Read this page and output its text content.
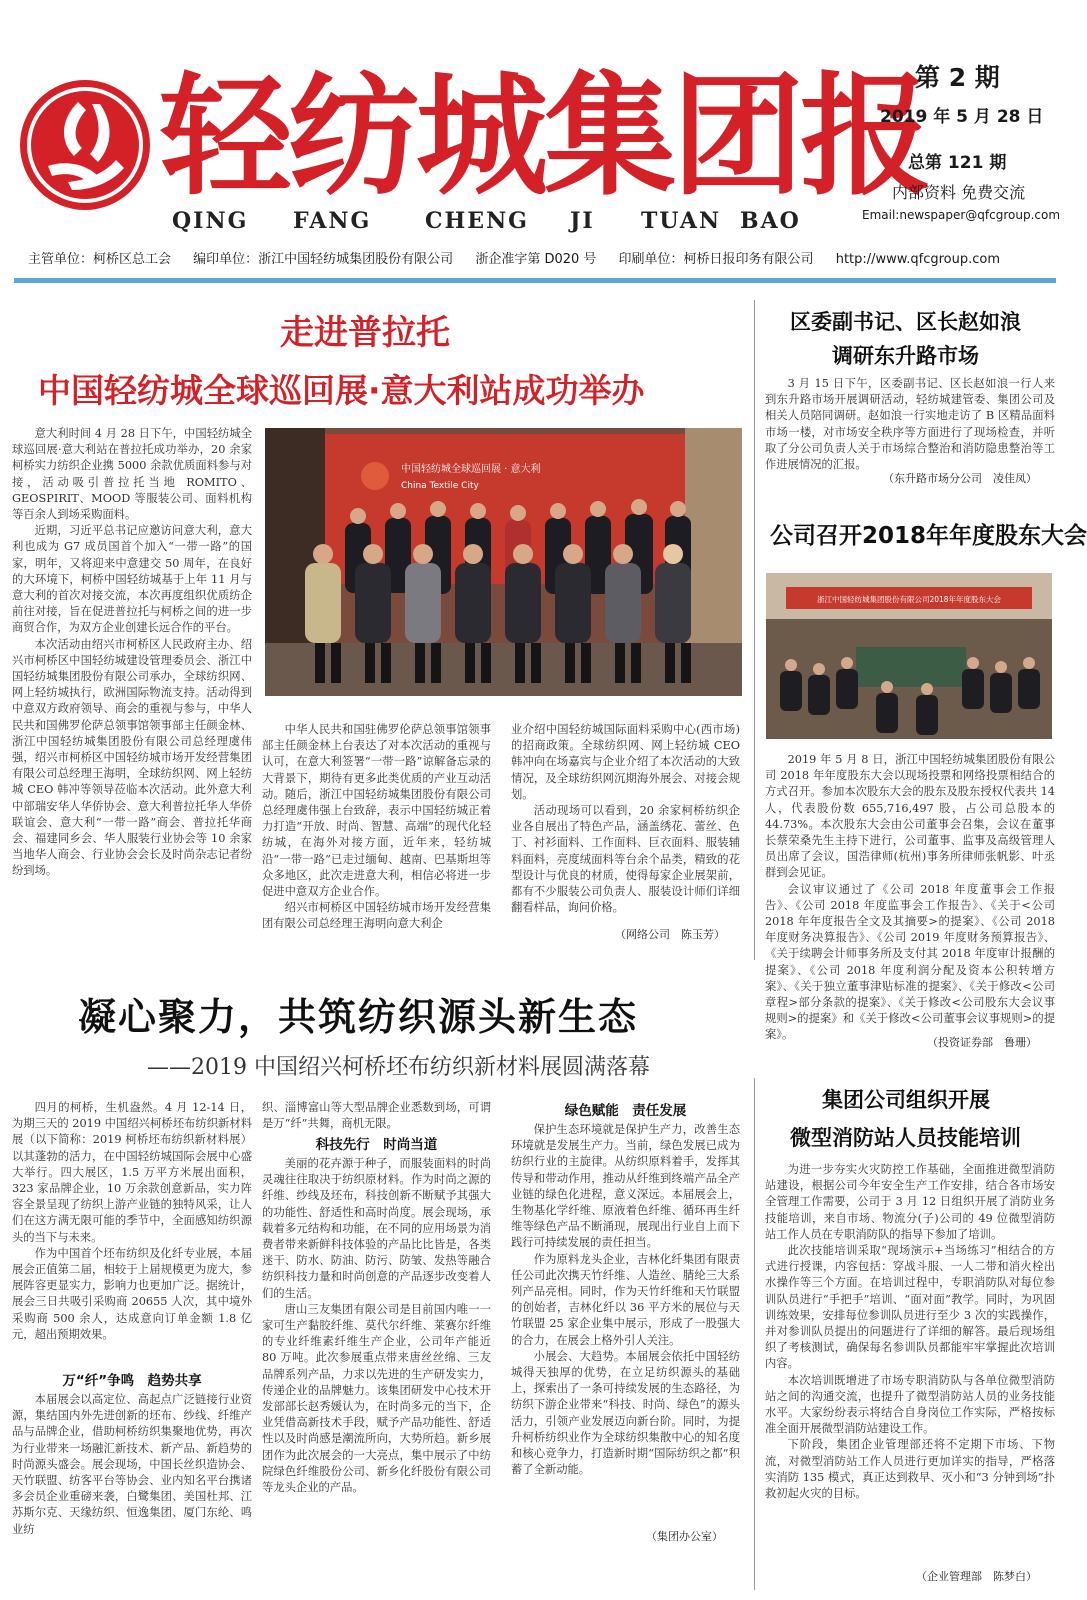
轻纺城集团报
QING FANG CHENG JI TUAN BAO
第 2 期
2019 年 5 月 28 日
总第 121 期
内部资料 免费交流
Email:newspaper@qfcgroup.com
主管单位：柯桥区总工会 编印单位：浙江中国轻纺城集团股份有限公司 浙企准字第 D020 号 印刷单位：柯桥日报印务有限公司 http://www.qfcgroup.com
走进普拉托
中国轻纺城全球巡回展·意大利站成功举办

意大利时间 4 月 28 日下午，中国轻纺城全球巡回展·意大利站在普拉托成功举办，20 余家柯桥实力纺织企业携 5000 余款优质面料参与对接，活动吸引普拉托当地 ROMITO、GEOSPIRIT、MOOD 等服装公司、面料机构等百余人到场采购面料。

近期，习近平总书记应邀访问意大利，意大利也成为 G7 成员国首个加入“一带一路”的国家，明年，又将迎来中意建交 50 周年，在良好的大环境下，柯桥中国轻纺城基于上年 11 月与意大利的首次对接交流，本次再度组织优质纺企前往对接，旨在促进普拉托与柯桥之间的进一步商贸合作，为双方企业创建长远合作的平台。

本次活动由绍兴市柯桥区人民政府主办、绍兴市柯桥区中国轻纺城建设管理委员会、浙江中国轻纺城集团股份有限公司承办，全球纺织网、网上轻纺城执行，欧洲国际物流支持。活动得到中意双方政府领导、商会的重视与参与，中华人民共和国佛罗伦萨总领事馆领事部主任颜金林、浙江中国轻纺城集团股份有限公司总经理虞伟强，绍兴市柯桥区中国轻纺城市场开发经营集团有限公司总经理王海明，全球纺织网、网上轻纺城 CEO 韩冲等领导莅临本次活动。此外意大利中部瑞安华人华侨协会、意大利普拉托华人华侨联谊会、意大利“一带一路”商会、普拉托华商会、福建同乡会、华人服装行业协会等 10 余家当地华人商会、行业协会会长及时尚杂志记者纷纷到场。

中国轻纺城全球巡回展 · 意大利
China Textile City

中华人民共和国驻佛罗伦萨总领事馆领事部主任颜金林上台表达了对本次活动的重视与认可，在意大利签署“一带一路”谅解备忘录的大背景下，期待有更多此类优质的产业互动活动。随后，浙江中国轻纺城集团股份有限公司总经理虞伟强上台致辞，表示中国轻纺城正着力打造“开放、时尚、智慧、高端”的现代化轻纺城，在海外对接方面，近年来，轻纺城沿“一带一路”已走过缅甸、越南、巴基斯坦等众多地区，此次走进意大利，相信必将进一步促进中意双方企业合作。

绍兴市柯桥区中国轻纺城市场开发经营集团有限公司总经理王海明向意大利企

业介绍中国轻纺城国际面料采购中心(西市场)的招商政策。全球纺织网、网上轻纺城 CEO 韩冲向在场嘉宾与企业介绍了本次活动的大致情况，及全球纺织网沉期海外展会、对接会规划。

活动现场可以看到，20 余家柯桥纺织企业各自展出了特色产品，涵盖绣花、蕾丝、色丁、衬衫面料、工作面料、巨衣面料、服装辅料面料，亮度绒面料等台余个品类，精致的花型设计与优良的材质，使得每家企业展架前，都有不少服装公司负责人、服装设计师们详细翻看样品，询问价格。

（网络公司　陈玉芳）
区委副书记、区长赵如浪
调研东升路市场

3 月 15 日下午，区委副书记、区长赵如浪一行人来到东升路市场开展调研活动，轻纺城建管委、集团公司及相关人员陪同调研。赵如浪一行实地走访了 B 区精品面料市场一楼，对市场安全秩序等方面进行了现场检查，并听取了分公司负责人关于市场综合整治和消防隐患整治等工作进展情况的汇报。

（东升路市场分公司　凌佳凤）
公司召开2018年年度股东大会
浙江中国轻纺城集团股份有限公司2018年年度股东大会

2019 年 5 月 8 日，浙江中国轻纺城集团股份有限公司 2018 年年度股东大会以现场投票和网络投票相结合的方式召开。参加本次股东大会的股东及股东授权代表共 14 人，代表股份数 655,716,497 股，占公司总股本的 44.73%。本次股东大会由公司董事会召集，会议在董事长蔡荣桑先生主持下进行，公司董事、监事及高级管理人员出席了会议，国浩律师(杭州)事务所律师张帆影、叶丞群到会见证。

会议审议通过了《公司 2018 年度董事会工作报告》、《公司 2018 年度监事会工作报告》、《关于<公司 2018 年年度报告全文及其摘要>的提案》、《公司 2018 年度财务决算报告》、《公司 2019 年度财务预算报告》、《关于续聘会计师事务所及支付其 2018 年度审计报酬的提案》、《公司 2018 年度利润分配及资本公积转增方案》、《关于独立董事津贴标准的提案》、《关于修改<公司章程>部分条款的提案》、《关于修改<公司股东大会议事规则>的提案》和《关于修改<公司董事会议事规则>的提案》。

（投资证券部　鲁珊）
集团公司组织开展
微型消防站人员技能培训

为进一步夯实火灾防控工作基础，全面推进微型消防站建设，根据公司今年安全生产工作安排，结合各市场安全管理工作需要，公司于 3 月 12 日组织开展了消防业务技能培训，来自市场、物流分(子)公司的 49 位微型消防站工作人员在专职消防队的指导下参加了培训。

此次技能培训采取“现场演示+当场练习”相结合的方式进行授课，内容包括：穿战斗服、一人二带和消火栓出水操作等三个方面。在培训过程中，专职消防队对每位参训队员进行“手把手”培训、“面对面”教学。同时，为巩固训练效果，安排每位参训队员进行至少 3 次的实践操作，并对参训队员提出的问题进行了详细的解答。最后现场组织了考核测试，确保每名参训队员都能牢牢掌握此次培训内容。

本次培训既增进了市场专职消防队与各单位微型消防站之间的沟通交流，也提升了微型消防站人员的业务技能水平。大家纷纷表示将结合自身岗位工作实际，严格按标准全面开展微型消防站建设工作。

下阶段，集团企业管理部还将不定期下市场、下物流，对微型消防站工作人员进行更加详实的指导，严格落实消防 135 模式，真正达到救早、灭小和“3 分钟到场”扑救初起火灾的目标。

（企业管理部　陈梦白）
凝心聚力，共筑纺织源头新生态
——2019 中国绍兴柯桥坯布纺织新材料展圆满落幕

四月的柯桥，生机盎然。4 月 12-14 日，为期三天的 2019 中国绍兴柯桥坯布纺织新材料展（以下简称：2019 柯桥坯布纺织新材料展）以其蓬勃的活力，在中国轻纺城国际会展中心盛大举行。四大展区，1.5 万平方米展出面积，323 家品牌企业，10 万余款创意新品，实力阵容全景呈现了纺织上游产业链的独特风采，让人们在这方满无限可能的季节中，全面感知纺织源头的当下与未来。

作为中国首个坯布纺织及化纤专业展，本届展会正值第二届，相较于上届规模更为庞大，参展阵容更显实力，影响力也更加广泛。据统计，展会三日共吸引采购商 20655 人次，其中境外采购商 500 余人，达成意向订单金额 1.8 亿元，超出预期效果。

万“纤”争鸣　趋势共享

本届展会以高定位、高起点广泛链接行业资源，集结国内外先进创新的坯布、纱线、纤维产品与品牌企业，借助柯桥纺织集聚地优势，再次为行业带来一场融汇新技术、新产品、新趋势的时尚源头盛会。展会现场，中国长丝织造协会、天竹联盟、纺客平台等协会、业内知名平台携诸多会员企业重磅来袭，白鹭集团、美国杜邦、江苏斯尔克、天缘纺织、恒逸集团、厦门东纶、鸣业纺

织、淄博富山等大型品牌企业悉数到场，可谓是万“纤”共舞，商机无限。

科技先行　时尚当道

美丽的花卉源于种子，而服装面料的时尚灵魂往往取决于纺织原材料。作为时尚之源的纤维、纱线及坯布，科技创新不断赋予其强大的功能性、舒适性和高时尚度。展会现场，承载着多元结构和功能，在不同的应用场景为消费者带来新鲜科技体验的产品比比皆是，各类迷干、防水、防油、防污、防皱、发热等融合纺织科技力量和时尚创意的产品逐步改变着人们的生活。

唐山三友集团有限公司是目前国内唯一一家可生产黏胶纤维、莫代尔纤维、莱赛尔纤维的专业纤维素纤维生产企业，公司年产能近 80 万吨。此次参展重点带来唐丝丝绵、三友品牌系列产品，力求以先进的生产研发实力，传递企业的品牌魅力。该集团研发中心技术开发部部长赵秀媛认为，在时尚多元的当下，企业凭借高新技术手段，赋予产品功能性、舒适性以及时尚感是潮流所向，大势所趋。新乡展团作为此次展会的一大亮点，集中展示了中纺院绿色纤维股份公司、新乡化纤股份有限公司等龙头企业的产品。

绿色赋能　责任发展

保护生态环境就是保护生产力，改善生态环境就是发展生产力。当前，绿色发展已成为纺织行业的主旋律。从纺织原料着手，发挥其传导和带动作用，推动从纤维到终端产品全产业链的绿色化进程，意义深远。本届展会上，生物基化学纤维、原液着色纤维、循环再生纤维等绿色产品不断涌现，展现出行业自上而下践行可持续发展的责任担当。

作为原料龙头企业，吉林化纤集团有限责任公司此次携天竹纤维、人造丝、腈纶三大系列产品亮相。同时，作为天竹纤维和天竹联盟的创始者，吉林化纤以 36 平方米的展位与天竹联盟 25 家企业集中展示，形成了一股强大的合力，在展会上格外引人关注。

小展会、大趋势。本届展会依托中国轻纺城得天独厚的优势，在立足纺织源头的基础上，探索出了一条可持续发展的生态路径，为纺织下游企业带来“科技、时尚、绿色”的源头活力，引领产业发展迈向新台阶。同时，为提升柯桥纺织业作为全球纺织集散中心的知名度和核心竞争力，打造新时期“国际纺织之都”积蓄了全新动能。

（集团办公室）
